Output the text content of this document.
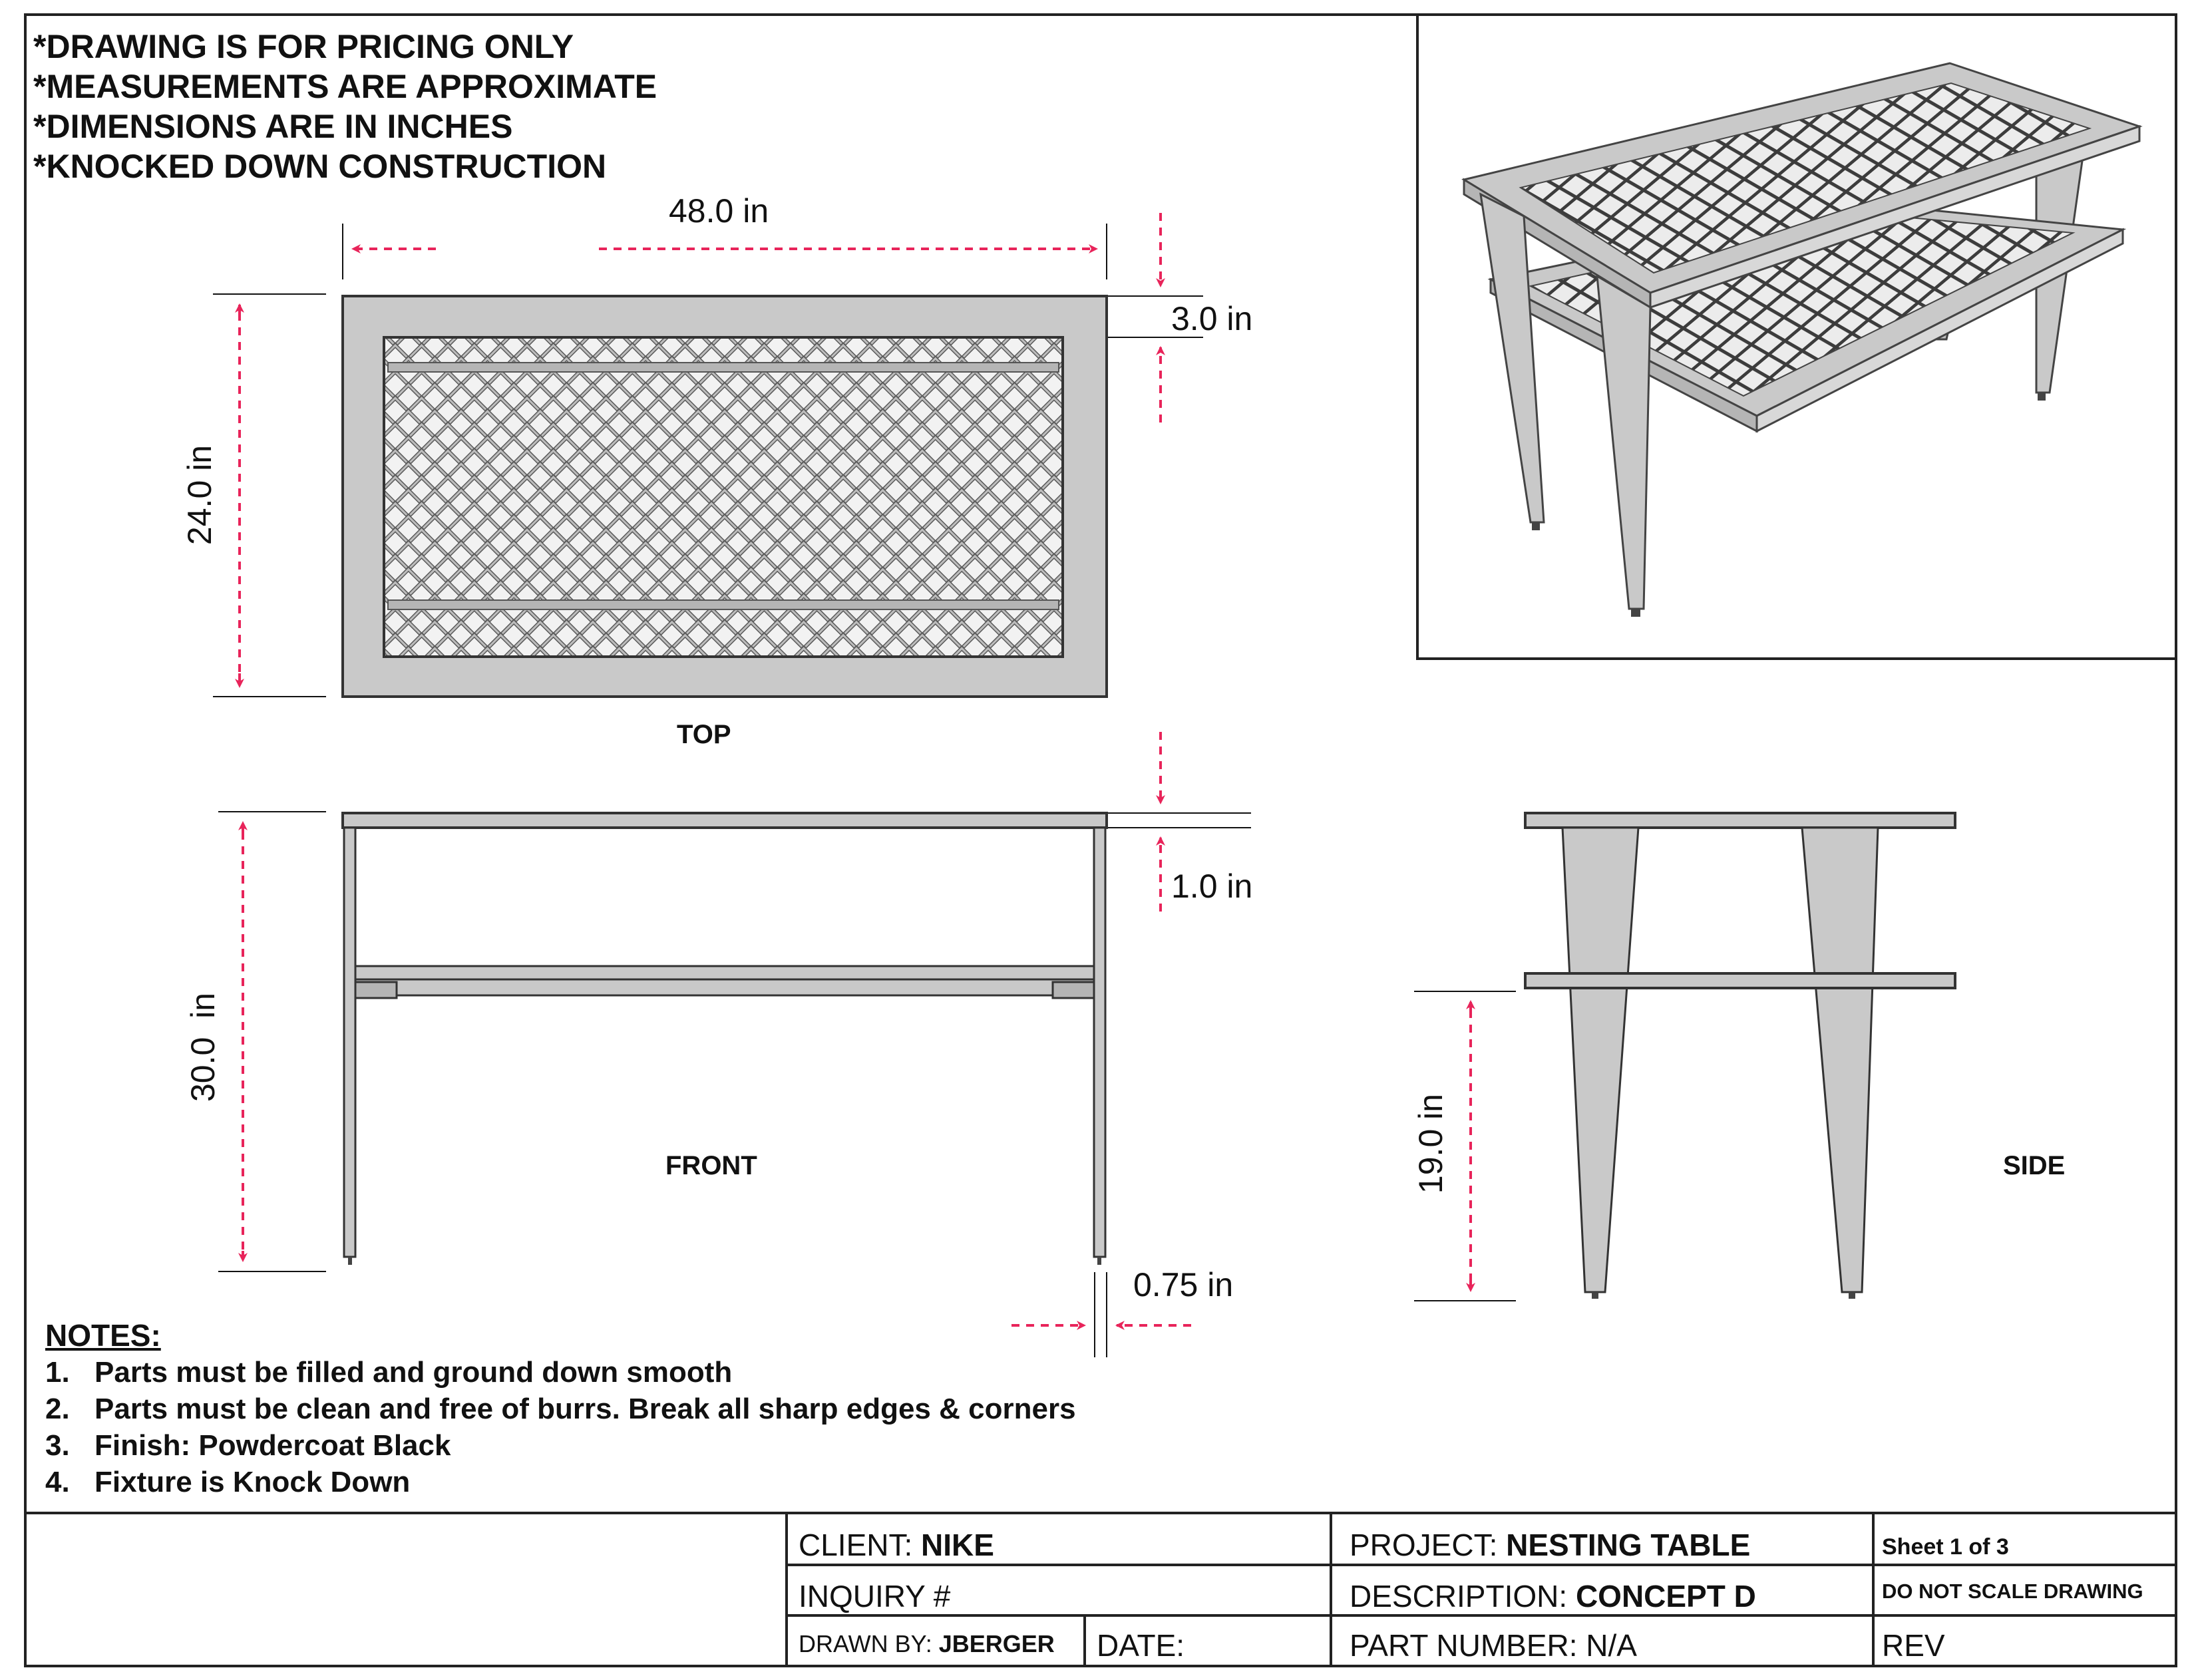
*DRAWING IS FOR PRICING ONLY
*MEASUREMENTS ARE APPROXIMATE
*DIMENSIONS ARE IN INCHES
*KNOCKED DOWN CONSTRUCTION
48.0 in
3.0 in
24.0 in
1.0 in
30.0  in
0.75 in
19.0 in
TOP
FRONT	SIDE
NOTES:
1. Parts must be filled and ground down smooth
2. Parts must be clean and free of burrs. Break all sharp edges & corners
3. Finish: Powdercoat Black
4. Fixture is Knock Down
CLIENT: NIKE	PROJECT: NESTING TABLE	Sheet 1 of 3
INQUIRY #	DESCRIPTION: CONCEPT D	DO NOT SCALE DRAWING
DRAWN BY: JBERGER DATE:	PART NUMBER: N/A	REV
